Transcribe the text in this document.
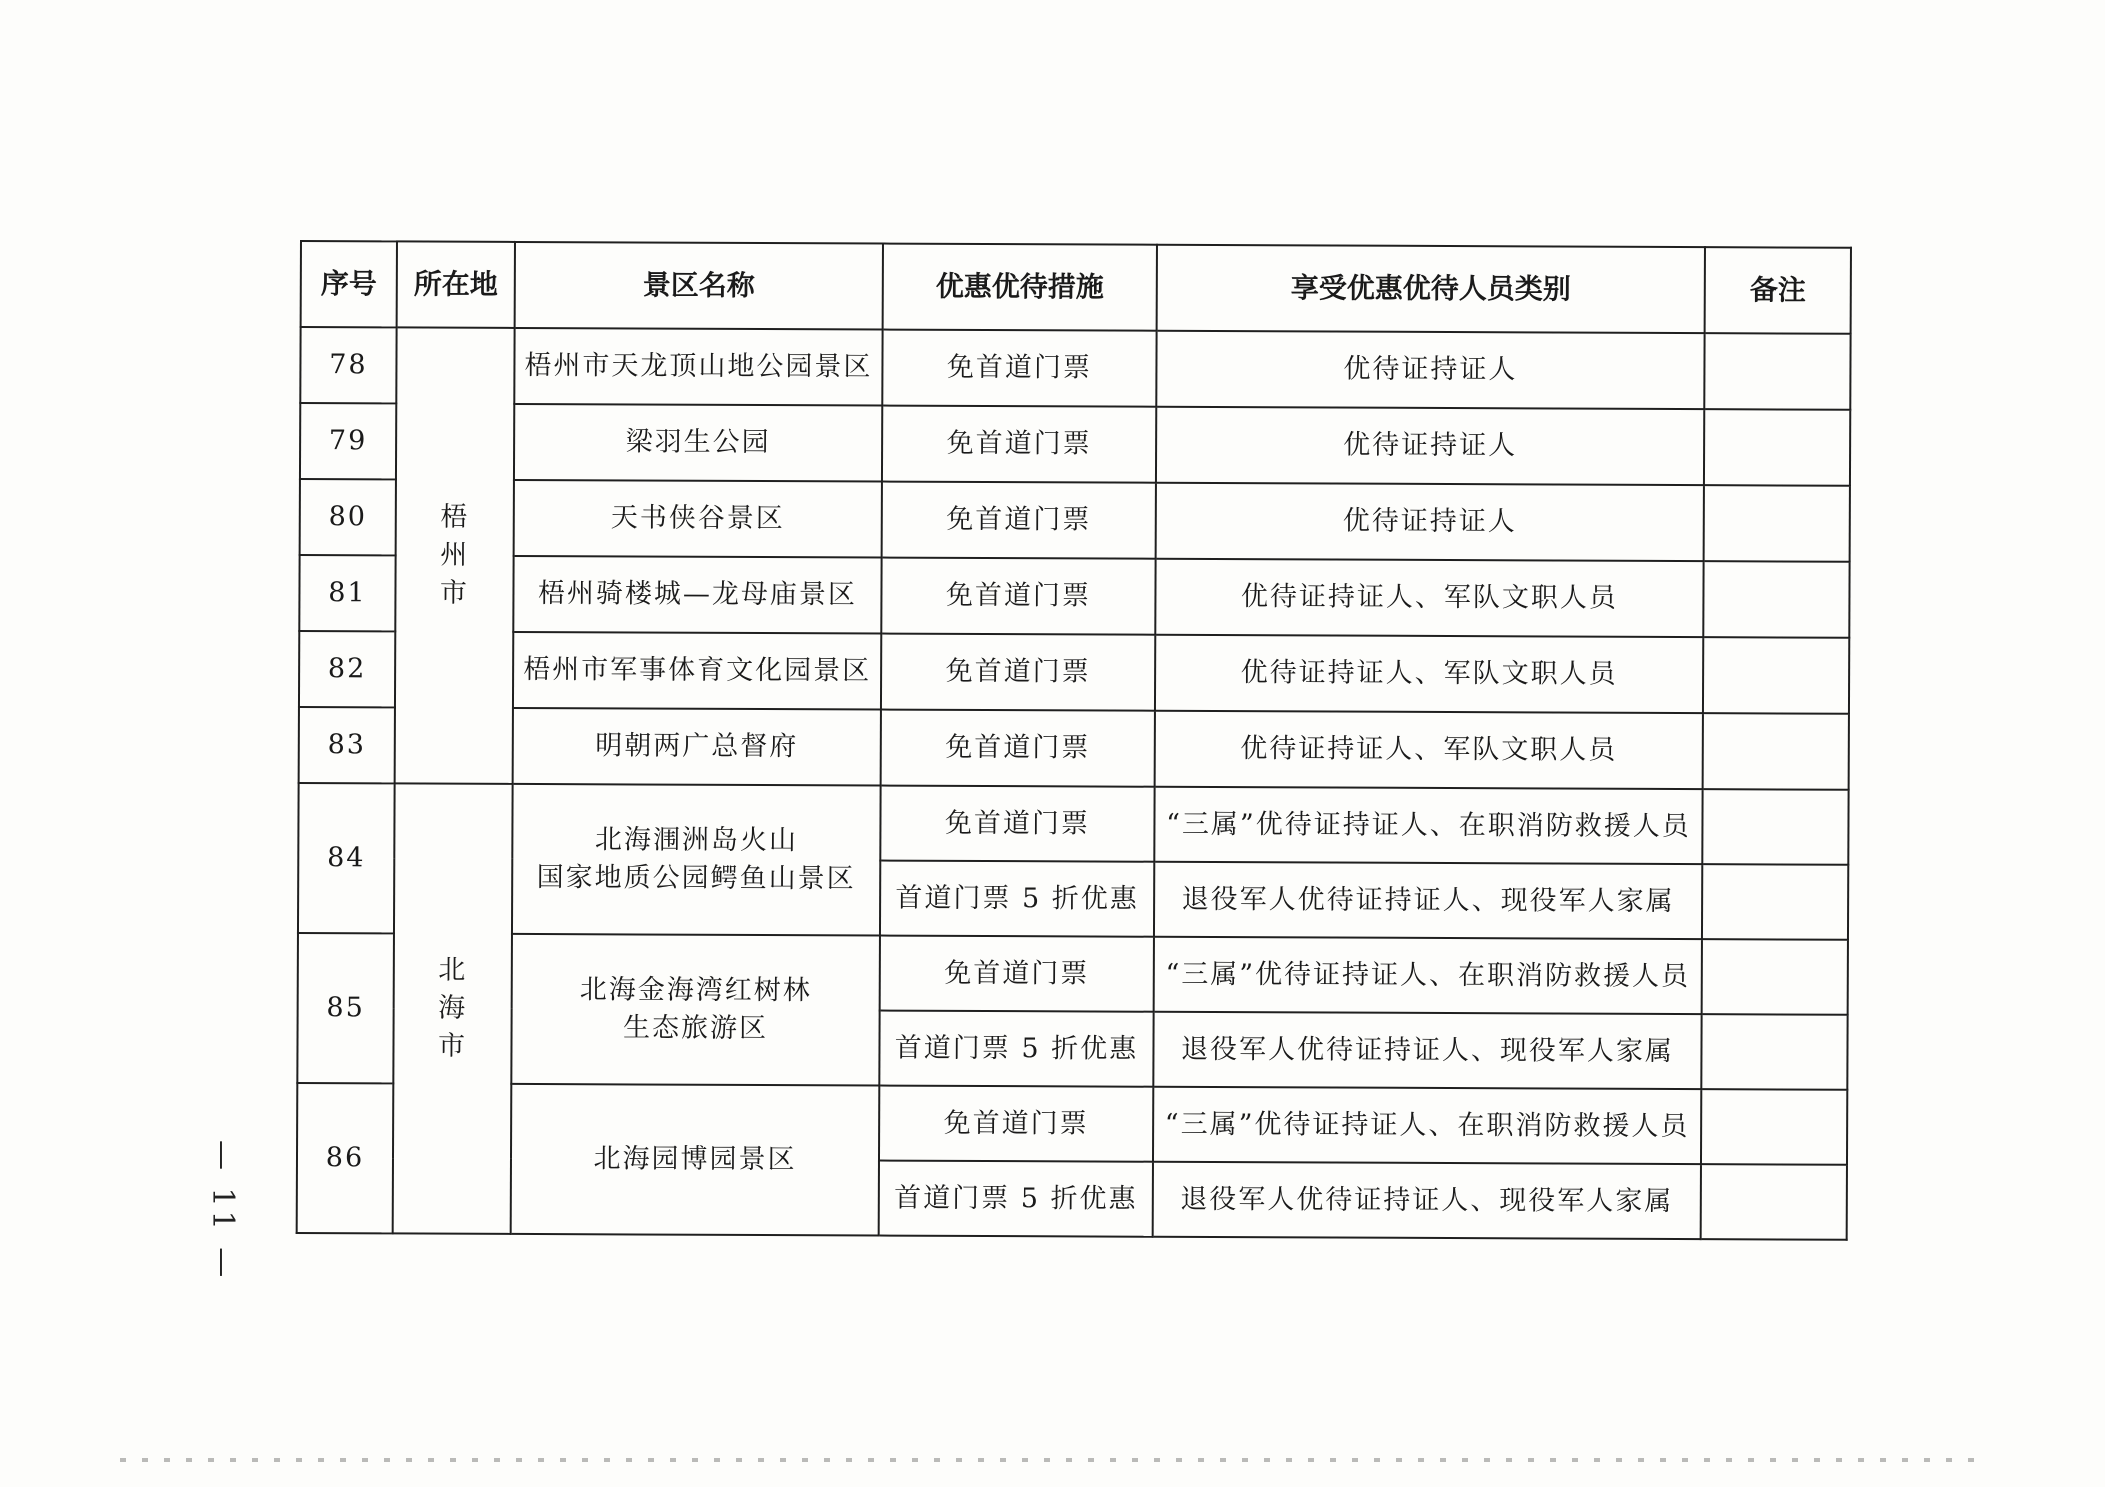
序号	所在地	景区名称	优惠优待措施	享受优惠优待人员类别	备注
78	梧州市	梧州市天龙顶山地公园景区	免首道门票	优待证持证人	
79		梁羽生公园	免首道门票	优待证持证人	
80		天书侠谷景区	免首道门票	优待证持证人	
81		梧州骑楼城—龙母庙景区	免首道门票	优待证持证人、军队文职人员	
82		梧州市军事体育文化园景区	免首道门票	优待证持证人、军队文职人员	
83		明朝两广总督府	免首道门票	优待证持证人、军队文职人员	
84	北海市	北海涠洲岛火山
国家地质公园鳄鱼山景区	免首道门票	“三属”优待证持证人、在职消防救援人员	
			首道门票 5 折优惠	退役军人优待证持证人、现役军人家属	
85		北海金海湾红树林
生态旅游区	免首道门票	“三属”优待证持证人、在职消防救援人员	
			首道门票 5 折优惠	退役军人优待证持证人、现役军人家属	
86		北海园博园景区	免首道门票	“三属”优待证持证人、在职消防救援人员	
			首道门票 5 折优惠	退役军人优待证持证人、现役军人家属	
— 11 —
